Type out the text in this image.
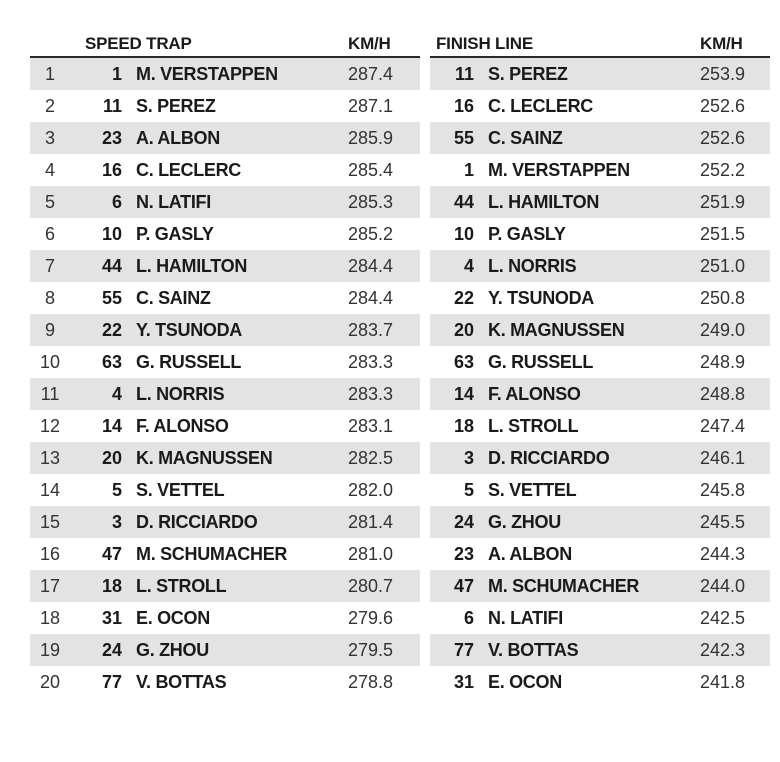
SPEED TRAP	KM/H
1	1 M. VERSTAPPEN	287.4
2	11 S. PEREZ	287.1
3	23 A. ALBON	285.9
4	16 C. LECLERC	285.4
5	6 N. LATIFI	285.3
6	10 P. GASLY	285.2
7	44 L. HAMILTON	284.4
8	55 C. SAINZ	284.4
9	22 Y. TSUNODA	283.7
10	63 G. RUSSELL	283.3
11	4 L. NORRIS	283.3
12	14 F. ALONSO	283.1
13	20 K. MAGNUSSEN	282.5
14	5 S. VETTEL	282.0
15	3 D. RICCIARDO	281.4
16	47 M. SCHUMACHER	281.0
17	18 L. STROLL	280.7
18	31 E. OCON	279.6
19	24 G. ZHOU	279.5
20	77 V. BOTTAS	278.8
FINISH LINE	KM/H
11 S. PEREZ	253.9
16 C. LECLERC	252.6
55 C. SAINZ	252.6
1 M. VERSTAPPEN	252.2
44 L. HAMILTON	251.9
10 P. GASLY	251.5
4 L. NORRIS	251.0
22 Y. TSUNODA	250.8
20 K. MAGNUSSEN	249.0
63 G. RUSSELL	248.9
14 F. ALONSO	248.8
18 L. STROLL	247.4
3 D. RICCIARDO	246.1
5 S. VETTEL	245.8
24 G. ZHOU	245.5
23 A. ALBON	244.3
47 M. SCHUMACHER	244.0
6 N. LATIFI	242.5
77 V. BOTTAS	242.3
31 E. OCON	241.8
